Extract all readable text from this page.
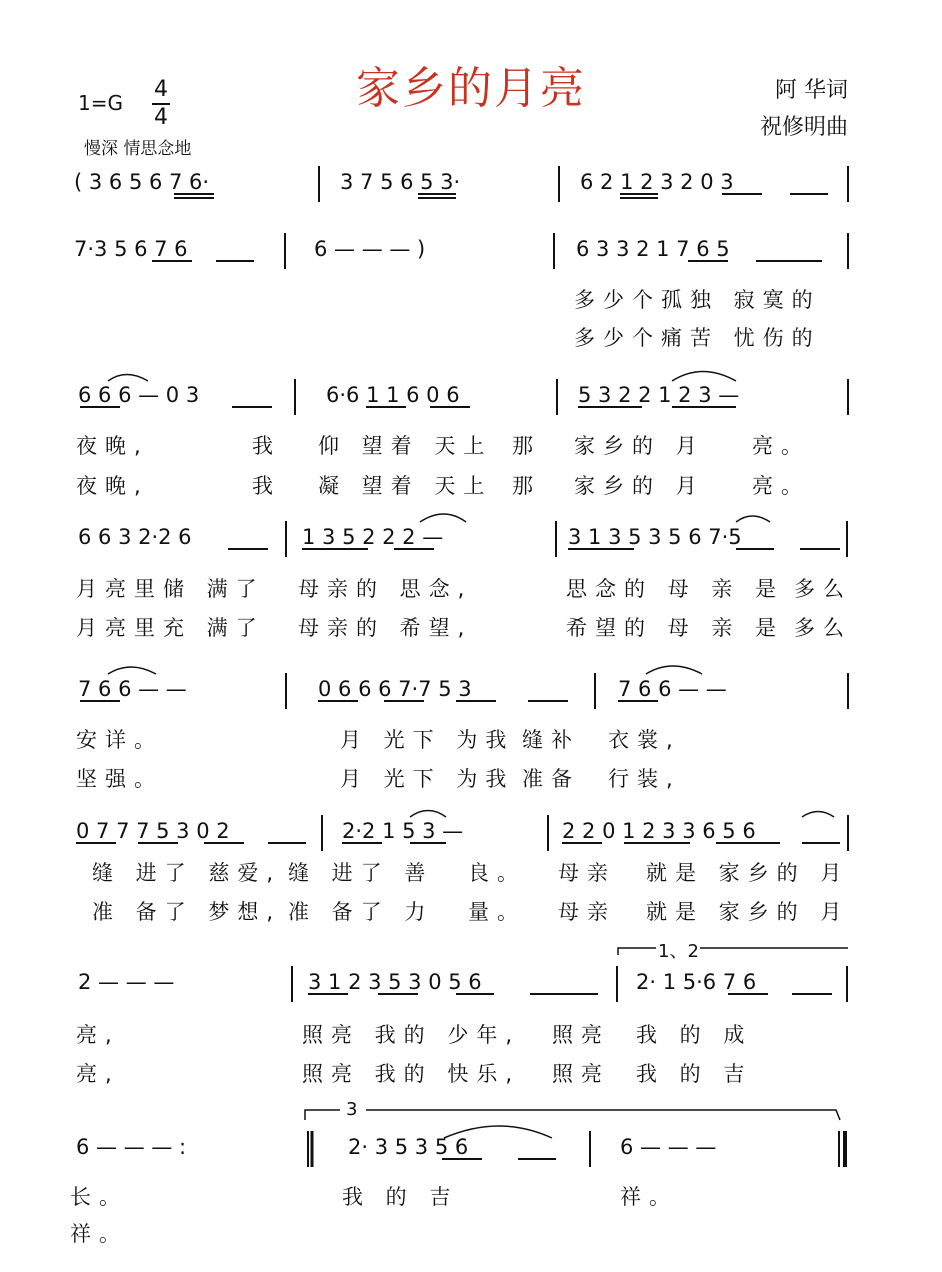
家乡的月亮
1=G
4
4
慢深 情思念地
阿 华词
祝修明曲
( 3 6 5 6 7 6·	3 7 5 6 5 3·	6 2 1 2 3 2 0 3
7·3 5 6 7 6	6 — — — )	6 3 3 2 1 7 6 5
多少个孤独 寂寞的
多少个痛苦 忧伤的
6 6 6 — 0 3	6·6 1 1 6 0 6	5 3 2 2 1 2 3 —
夜晚,	我 仰 望着 天上 那 家乡的 月 亮。
夜晚,	我 凝 望着 天上 那 家乡的 月 亮。
6 6 3 2·2 6	1 3 5 2 2 2 —	3 1 3 5 3 5 6 7·5
月亮里储 满了 母亲的 思念,	思念的 母 亲 是 多么
月亮里充 满了 母亲的 希望,	希望的 母 亲 是 多么
7 6 6 — —	0 6 6 6 7·7 5 3	7 6 6 — —
安详。	月 光下 为我 缝补 衣裳,
坚强。	月 光下 为我 准备 行装,
0 7 7 7 5 3 0 2	2·2 1 5 3 —	2 2 0 1 2 3 3 6 5 6
缝 进了 慈爱, 缝 进了 善 良。 母亲 就是 家乡的 月
准 备了 梦想, 准 备了 力 量。 母亲 就是 家乡的 月
1、2
3
2 — — —	3 1 2 3 5 3 0 5 6	2· 1 5·6 7 6
亮,	照亮 我的 少年, 照亮 我 的 成
亮,	照亮 我的 快乐, 照亮 我 的 吉
6 — — — :	2· 3 5 3 5 6	6 — — —
长。	我 的 吉	祥。
祥。
